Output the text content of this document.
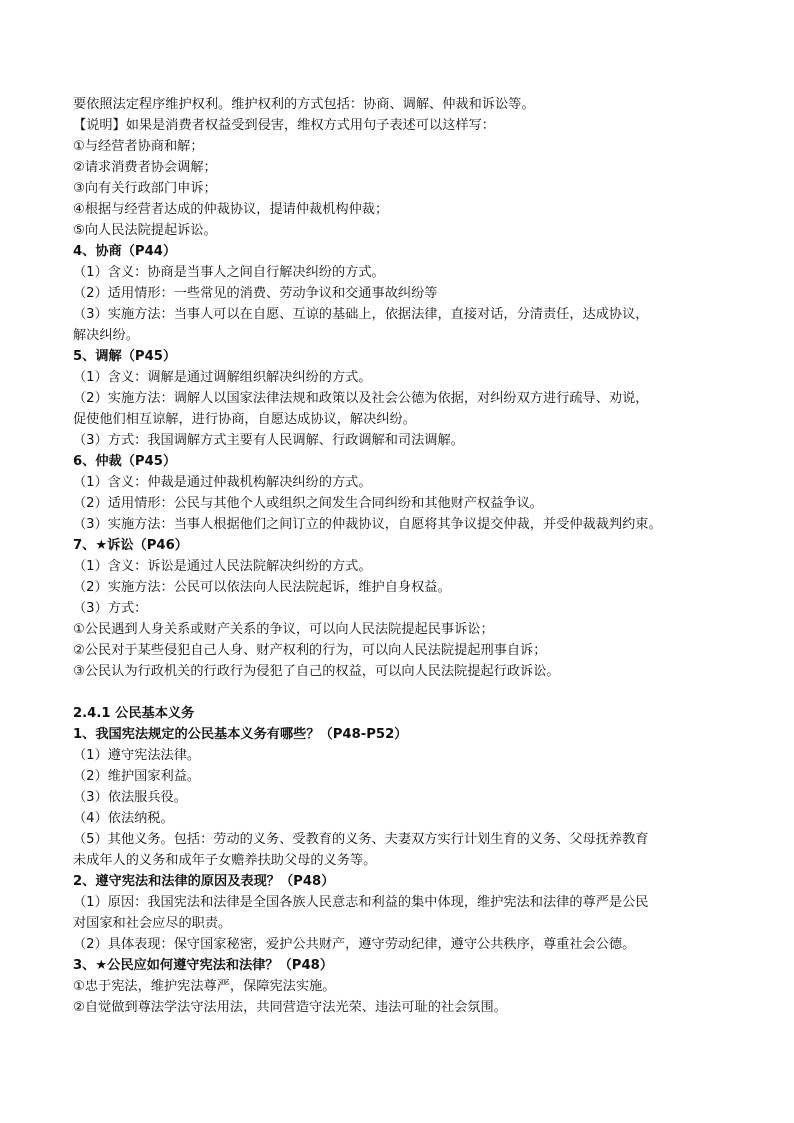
要依照法定程序维护权利。维护权利的方式包括：协商、调解、仲裁和诉讼等。
【说明】如果是消费者权益受到侵害，维权方式用句子表述可以这样写：
①与经营者协商和解；
②请求消费者协会调解；
③向有关行政部门申诉；
④根据与经营者达成的仲裁协议，提请仲裁机构仲裁；
⑤向人民法院提起诉讼。
4、协商（P44）
（1）含义：协商是当事人之间自行解决纠纷的方式。
（2）适用情形：一些常见的消费、劳动争议和交通事故纠纷等
（3）实施方法：当事人可以在自愿、互谅的基础上，依据法律，直接对话，分清责任，达成协议，
解决纠纷。
5、调解（P45）
（1）含义：调解是通过调解组织解决纠纷的方式。
（2）实施方法：调解人以国家法律法规和政策以及社会公德为依据，对纠纷双方进行疏导、劝说，
促使他们相互谅解，进行协商，自愿达成协议，解决纠纷。
（3）方式：我国调解方式主要有人民调解、行政调解和司法调解。
6、仲裁（P45）
（1）含义：仲裁是通过仲裁机构解决纠纷的方式。
（2）适用情形：公民与其他个人或组织之间发生合同纠纷和其他财产权益争议。
（3）实施方法：当事人根据他们之间订立的仲裁协议，自愿将其争议提交仲裁，并受仲裁裁判约束。
7、★诉讼（P46）
（1）含义：诉讼是通过人民法院解决纠纷的方式。
（2）实施方法：公民可以依法向人民法院起诉，维护自身权益。
（3）方式：
①公民遇到人身关系或财产关系的争议，可以向人民法院提起民事诉讼；
②公民对于某些侵犯自己人身、财产权利的行为，可以向人民法院提起刑事自诉；
③公民认为行政机关的行政行为侵犯了自己的权益，可以向人民法院提起行政诉讼。
2.4.1 公民基本义务
1、我国宪法规定的公民基本义务有哪些？（P48-P52）
（1）遵守宪法法律。
（2）维护国家利益。
（3）依法服兵役。
（4）依法纳税。
（5）其他义务。包括：劳动的义务、受教育的义务、夫妻双方实行计划生育的义务、父母抚养教育
未成年人的义务和成年子女赡养扶助父母的义务等。
2、遵守宪法和法律的原因及表现？（P48）
（1）原因：我国宪法和法律是全国各族人民意志和利益的集中体现，维护宪法和法律的尊严是公民
对国家和社会应尽的职责。
（2）具体表现：保守国家秘密，爱护公共财产，遵守劳动纪律，遵守公共秩序，尊重社会公德。
3、★公民应如何遵守宪法和法律？（P48）
①忠于宪法，维护宪法尊严，保障宪法实施。
②自觉做到尊法学法守法用法，共同营造守法光荣、违法可耻的社会氛围。
